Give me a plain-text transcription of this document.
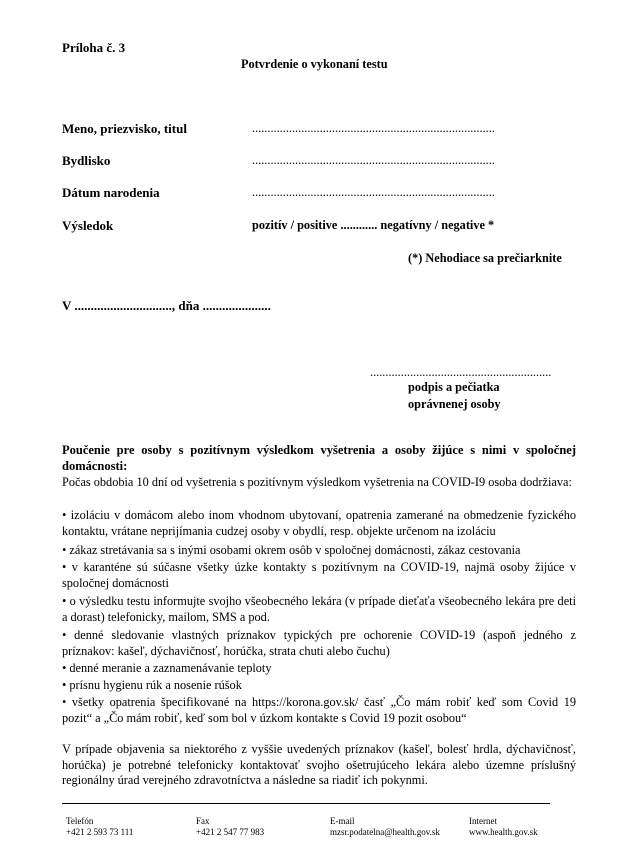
Príloha č. 3
Potvrdenie o vykonaní testu
Meno, priezvisko, titul	...............................................................................
Bydlisko	...............................................................................
Dátum narodenia	...............................................................................
Výsledok	pozitív / positive ............ negatívny / negative *
(*) Nehodiace sa prečiarknite
V .............................., dňa .....................
...........................................................
podpis a pečiatka
oprávnenej osoby
Poučenie pre osoby s pozitívnym výsledkom vyšetrenia a osoby žijúce s nimi v spoločnej domácnosti:
Počas obdobia 10 dní od vyšetrenia s pozitívnym výsledkom vyšetrenia na COVID-I9 osoba dodržiava:
• izoláciu v domácom alebo inom vhodnom ubytovaní, opatrenia zamerané na obmedzenie fyzického kontaktu, vrátane neprijímania cudzej osoby v obydlí, resp. objekte určenom na izoláciu
• zákaz stretávania sa s inými osobami okrem osôb v spoločnej domácnosti, zákaz cestovania
• v karanténe sú súčasne všetky úzke kontakty s pozitívnym na COVID-19, najmä osoby žijúce v spoločnej domácnosti
• o výsledku testu informujte svojho všeobecného lekára (v prípade dieťaťa všeobecného lekára pre deti a dorast) telefonicky, mailom, SMS a pod.
• denné sledovanie vlastných príznakov typických pre ochorenie COVID-19 (aspoň jedného z príznakov: kašeľ, dýchavičnosť, horúčka, strata chuti alebo čuchu)
• denné meranie a zaznamenávanie teploty
• prísnu hygienu rúk a nosenie rúšok
• všetky opatrenia špecifikované na https://korona.gov.sk/ časť „Čo mám robiť keď som Covid 19 pozit“ a „Čo mám robiť, keď som bol v úzkom kontakte s Covid 19 pozit osobou“
V prípade objavenia sa niektorého z vyššie uvedených príznakov (kašeľ, bolesť hrdla, dýchavičnosť, horúčka) je potrebné telefonicky kontaktovať svojho ošetrujúceho lekára alebo územne príslušný regionálny úrad verejného zdravotníctva a následne sa riadiť ich pokynmi.
Telefón
+421 2 593 73 111
Fax
+421 2 547 77 983
E-mail
mzsr.podatelna@health.gov.sk
Internet
www.health.gov.sk
